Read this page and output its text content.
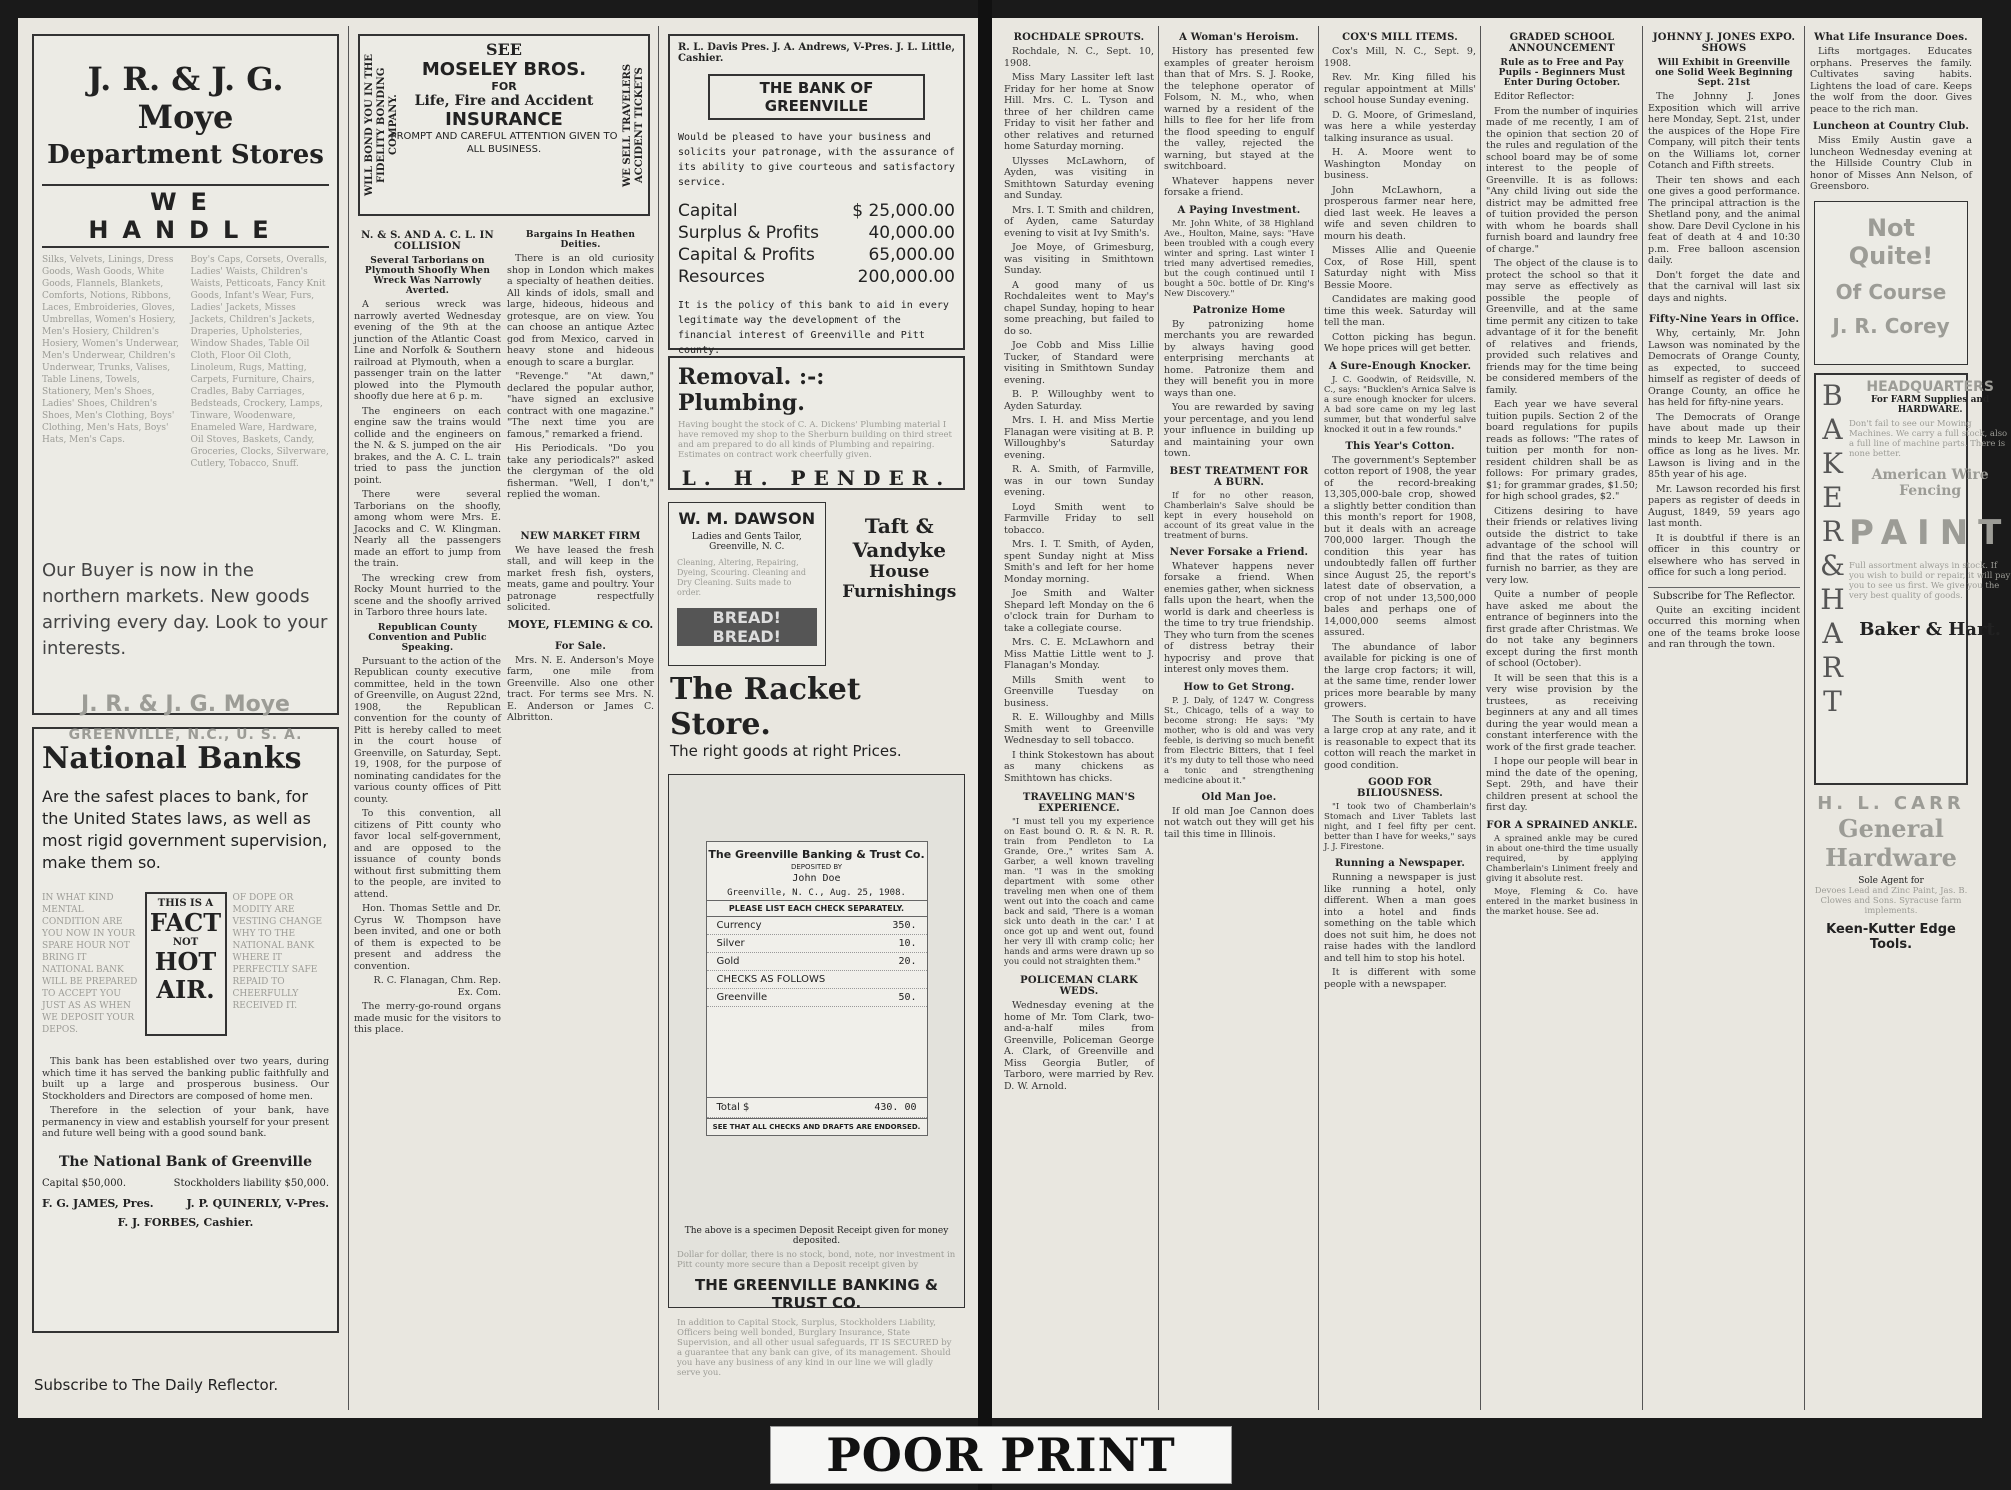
J. R. & J. G. Moye
Department Stores
WE HANDLE
Silks, Velvets, Linings, Dress Goods, Wash Goods, White Goods, Flannels, Blankets, Comforts, Notions, Ribbons, Laces, Embroideries, Gloves, Umbrellas, Women's Hosiery, Men's Hosiery, Children's Hosiery, Women's Underwear, Men's Underwear, Children's Underwear, Trunks, Valises, Table Linens, Towels, Stationery, Men's Shoes, Ladies' Shoes, Children's Shoes, Men's Clothing, Boys' Clothing, Men's Hats, Boys' Hats, Men's Caps.
Boy's Caps, Corsets, Overalls, Ladies' Waists, Children's Waists, Petticoats, Fancy Knit Goods, Infant's Wear, Furs, Ladies' Jackets, Misses Jackets, Children's Jackets, Draperies, Upholsteries, Window Shades, Table Oil Cloth, Floor Oil Cloth, Linoleum, Rugs, Matting, Carpets, Furniture, Chairs, Cradles, Baby Carriages, Bedsteads, Crockery, Lamps, Tinware, Woodenware, Enameled Ware, Hardware, Oil Stoves, Baskets, Candy, Groceries, Clocks, Silverware, Cutlery, Tobacco, Snuff.
Our Buyer is now in the northern markets. New goods arriving every day. Look to your interests.
J. R. & J. G. Moye
GREENVILLE, N.C., U. S. A.
National Banks
Are the safest places to bank, for the United States laws, as well as most rigid government supervision, make them so.
IN WHAT KIND MENTAL CONDITION ARE YOU NOW IN YOUR SPARE HOUR NOT BRING IT NATIONAL BANK WILL BE PREPARED TO ACCEPT YOU JUST AS AS WHEN WE DEPOSIT YOUR DEPOS.
THIS IS A
FACT
NOT
HOT
AIR.
OF DOPE OR MODITY ARE VESTING CHANGE WHY TO THE NATIONAL BANK WHERE IT PERFECTLY SAFE REPAID TO CHEERFULLY RECEIVED IT.

This bank has been established over two years, during which time it has served the banking public faithfully and built up a large and prosperous business. Our Stockholders and Directors are composed of home men.

Therefore in the selection of your bank, have permanency in view and establish yourself for your present and future well being with a good sound bank.

The National Bank of Greenville
Capital $50,000.	Stockholders liability $50,000.
F. G. JAMES, Pres.	J. P. QUINERLY, V-Pres.
F. J. FORBES, Cashier.
Subscribe to The Daily Reflector.
WILL BOND YOU IN THE FIDELITY BONDING COMPANY.
SEE
MOSELEY BROS.
FOR
Life, Fire and Accident
INSURANCE
PROMPT AND CAREFUL ATTENTION GIVEN TO ALL BUSINESS.	WE SELL TRAVELERS ACCIDENT TICKETS
N. & S. AND A. C. L. IN COLLISION
Several Tarborians on Plymouth Shoofly When Wreck Was Narrowly Averted.

A serious wreck was narrowly averted Wednesday evening of the 9th at the junction of the Atlantic Coast Line and Norfolk & Southern railroad at Plymouth, when a passenger train on the latter plowed into the Plymouth shoofly due here at 6 p. m.

The engineers on each engine saw the trains would collide and the engineers on the N. & S. jumped on the air brakes, and the A. C. L. train tried to pass the junction point.

There were several Tarborians on the shoofly, among whom were Mrs. E. Jacocks and C. W. Klingman. Nearly all the passengers made an effort to jump from the train.

The wrecking crew from Rocky Mount hurried to the scene and the shoofly arrived in Tarboro three hours late.

Republican County Convention and Public Speaking.

Pursuant to the action of the Republican county executive committee, held in the town of Greenville, on August 22nd, 1908, the Republican convention for the county of Pitt is hereby called to meet in the court house of Greenville, on Saturday, Sept. 19, 1908, for the purpose of nominating candidates for the various county offices of Pitt county.

To this convention, all citizens of Pitt county who favor local self-government, and are opposed to the issuance of county bonds without first submitting them to the people, are invited to attend.

Hon. Thomas Settle and Dr. Cyrus W. Thompson have been invited, and one or both of them is expected to be present and address the convention.

R. C. Flanagan, Chm. Rep. Ex. Com.

The merry-go-round organs made music for the visitors to this place.

Bargains In Heathen Deities.

There is an old curiosity shop in London which makes a specialty of heathen deities. All kinds of idols, small and large, hideous, hideous and grotesque, are on view. You can choose an antique Aztec god from Mexico, carved in heavy stone and hideous enough to scare a burglar.

"Revenge." "At dawn," declared the popular author, "have signed an exclusive contract with one magazine." "The next time you are famous," remarked a friend.

His Periodicals. "Do you take any periodicals?" asked the clergyman of the old fisherman. "Well, I don't," replied the woman.

NEW MARKET FIRM

We have leased the fresh stall, and will keep in the market fresh fish, oysters, meats, game and poultry. Your patronage respectfully solicited.

MOYE, FLEMING & CO.
For Sale.

Mrs. N. E. Anderson's Moye farm, one mile from Greenville. Also one other tract. For terms see Mrs. N. E. Anderson or James C. Albritton.

R. L. Davis Pres. J. A. Andrews, V-Pres. J. L. Little, Cashier.
THE BANK OF GREENVILLE
Would be pleased to have your business and solicits your patronage, with the assurance of its ability to give courteous and satisfactory service.
Capital	$ 25,000.00
Surplus & Profits	40,000.00
Capital & Profits	65,000.00
Resources	200,000.00
It is the policy of this bank to aid in every legitimate way the development of the financial interest of Greenville and Pitt county.
Removal. :-: Plumbing.
Having bought the stock of C. A. Dickens' Plumbing material I have removed my shop to the Sherburn building on third street and am prepared to do all kinds of Plumbing and repairing. Estimates on contract work cheerfully given.
L. H. PENDER.
W. M. DAWSON
Ladies and Gents Tailor, Greenville, N. C.
Cleaning, Altering, Repairing, Dyeing, Scouring. Cleaning and Dry Cleaning. Suits made to order.
BREAD! BREAD!
Taft & Vandyke
House Furnishings
The Racket Store.
The right goods at right Prices.
The Greenville Banking & Trust Co.
DEPOSITED BY
John Doe
Greenville, N. C., Aug. 25, 1908.
PLEASE LIST EACH CHECK SEPARATELY.
Currency	350.
Silver	10.
Gold	20.
CHECKS AS FOLLOWS
Greenville	50.
Total $	430. 00
SEE THAT ALL CHECKS AND DRAFTS ARE ENDORSED.
The above is a specimen Deposit Receipt given for money deposited.
Dollar for dollar, there is no stock, bond, note, nor investment in Pitt county more secure than a Deposit receipt given by
THE GREENVILLE BANKING & TRUST CO.
In addition to Capital Stock, Surplus, Stockholders Liability, Officers being well bonded, Burglary Insurance, State Supervision, and all other usual safeguards, IT IS SECURED by a guarantee that any bank can give, of its management. Should you have any business of any kind in our line we will gladly serve you.
ROCHDALE SPROUTS.

Rochdale, N. C., Sept. 10, 1908.

Miss Mary Lassiter left last Friday for her home at Snow Hill. Mrs. C. L. Tyson and three of her children came Friday to visit her father and other relatives and returned home Saturday morning.

Ulysses McLawhorn, of Ayden, was visiting in Smithtown Saturday evening and Sunday.

Mrs. I. T. Smith and children, of Ayden, came Saturday evening to visit at Ivy Smith's.

Joe Moye, of Grimesburg, was visiting in Smithtown Sunday.

A good many of us Rochdaleites went to May's chapel Sunday, hoping to hear some preaching, but failed to do so.

Joe Cobb and Miss Lillie Tucker, of Standard were visiting in Smithtown Sunday evening.

B. P. Willoughby went to Ayden Saturday.

Mrs. I. H. and Miss Mertie Flanagan were visiting at B. P. Willoughby's Saturday evening.

R. A. Smith, of Farmville, was in our town Sunday evening.

Loyd Smith went to Farmville Friday to sell tobacco.

Mrs. I. T. Smith, of Ayden, spent Sunday night at Miss Smith's and left for her home Monday morning.

Joe Smith and Walter Shepard left Monday on the 6 o'clock train for Durham to take a collegiate course.

Mrs. C. E. McLawhorn and Miss Mattie Little went to J. Flanagan's Monday.

Mills Smith went to Greenville Tuesday on business.

R. E. Willoughby and Mills Smith went to Greenville Wednesday to sell tobacco.

I think Stokestown has about as many chickens as Smithtown has chicks.

TRAVELING MAN'S EXPERIENCE.

"I must tell you my experience on East bound O. R. & N. R. R. train from Pendleton to La Grande, Ore.," writes Sam A. Garber, a well known traveling man. "I was in the smoking department with some other traveling men when one of them went out into the coach and came back and said, 'There is a woman sick unto death in the car.' I at once got up and went out, found her very ill with cramp colic; her hands and arms were drawn up so you could not straighten them."

POLICEMAN CLARK WEDS.

Wednesday evening at the home of Mr. Tom Clark, two-and-a-half miles from Greenville, Policeman George A. Clark, of Greenville and Miss Georgia Butler, of Tarboro, were married by Rev. D. W. Arnold.

A Woman's Heroism.

History has presented few examples of greater heroism than that of Mrs. S. J. Rooke, the telephone operator of Folsom, N. M., who, when warned by a resident of the hills to flee for her life from the flood speeding to engulf the valley, rejected the warning, but stayed at the switchboard.

Whatever happens never forsake a friend.

A Paying Investment.

Mr. John White, of 38 Highland Ave., Houlton, Maine, says: "Have been troubled with a cough every winter and spring. Last winter I tried many advertised remedies, but the cough continued until I bought a 50c. bottle of Dr. King's New Discovery."

Patronize Home

By patronizing home merchants you are rewarded by always having good enterprising merchants at home. Patronize them and they will benefit you in more ways than one.

You are rewarded by saving your percentage, and you lend your influence in building up and maintaining your own town.

BEST TREATMENT FOR A BURN.

If for no other reason, Chamberlain's Salve should be kept in every household on account of its great value in the treatment of burns.

Never Forsake a Friend.

Whatever happens never forsake a friend. When enemies gather, when sickness falls upon the heart, when the world is dark and cheerless is the time to try true friendship. They who turn from the scenes of distress betray their hypocrisy and prove that interest only moves them.

How to Get Strong.

P. J. Daly, of 1247 W. Congress St., Chicago, tells of a way to become strong: He says: "My mother, who is old and was very feeble, is deriving so much benefit from Electric Bitters, that I feel it's my duty to tell those who need a tonic and strengthening medicine about it."

Old Man Joe.

If old man Joe Cannon does not watch out they will get his tail this time in Illinois.

COX'S MILL ITEMS.

Cox's Mill, N. C., Sept. 9, 1908.

Rev. Mr. King filled his regular appointment at Mills' school house Sunday evening.

D. G. Moore, of Grimesland, was here a while yesterday talking insurance as usual.

H. A. Moore went to Washington Monday on business.

John McLawhorn, a prosperous farmer near here, died last week. He leaves a wife and seven children to mourn his death.

Misses Allie and Queenie Cox, of Rose Hill, spent Saturday night with Miss Bessie Moore.

Candidates are making good time this week. Saturday will tell the man.

Cotton picking has begun. We hope prices will get better.

A Sure-Enough Knocker.

J. C. Goodwin, of Reidsville, N. C., says: "Bucklen's Arnica Salve is a sure enough knocker for ulcers. A bad sore came on my leg last summer, but that wonderful salve knocked it out in a few rounds."

This Year's Cotton.

The government's September cotton report of 1908, the year of the record-breaking 13,305,000-bale crop, showed a slightly better condition than this month's report for 1908, but it deals with an acreage 700,000 larger. Though the condition this year has undoubtedly fallen off further since August 25, the report's latest date of observation, a crop of not under 13,500,000 bales and perhaps one of 14,000,000 seems almost assured.

The abundance of labor available for picking is one of the large crop factors; it will, at the same time, render lower prices more bearable by many growers.

The South is certain to have a large crop at any rate, and it is reasonable to expect that its cotton will reach the market in good condition.

GOOD FOR BILIOUSNESS.

"I took two of Chamberlain's Stomach and Liver Tablets last night, and I feel fifty per cent. better than I have for weeks," says J. J. Firestone.

Running a Newspaper.

Running a newspaper is just like running a hotel, only different. When a man goes into a hotel and finds something on the table which does not suit him, he does not raise hades with the landlord and tell him to stop his hotel.

It is different with some people with a newspaper.

GRADED SCHOOL ANNOUNCEMENT
Rule as to Free and Pay Pupils - Beginners Must Enter During October.

Editor Reflector:

From the number of inquiries made of me recently, I am of the opinion that section 20 of the rules and regulation of the school board may be of some interest to the people of Greenville. It is as follows: "Any child living out side the district may be admitted free of tuition provided the person with whom he boards shall furnish board and laundry free of charge."

The object of the clause is to protect the school so that it may serve as effectively as possible the people of Greenville, and at the same time permit any citizen to take advantage of it for the benefit of relatives and friends, provided such relatives and friends may for the time being be considered members of the family.

Each year we have several tuition pupils. Section 2 of the board regulations for pupils reads as follows: "The rates of tuition per month for non-resident children shall be as follows: For primary grades, $1; for grammar grades, $1.50; for high school grades, $2."

Citizens desiring to have their friends or relatives living outside the district to take advantage of the school will find that the rates of tuition furnish no barrier, as they are very low.

Quite a number of people have asked me about the entrance of beginners into the first grade after Christmas. We do not take any beginners except during the first month of school (October).

It will be seen that this is a very wise provision by the trustees, as receiving beginners at any and all times during the year would mean a constant interference with the work of the first grade teacher.

I hope our people will bear in mind the date of the opening, Sept. 29th, and have their children present at school the first day.

FOR A SPRAINED ANKLE.

A sprained ankle may be cured in about one-third the time usually required, by applying Chamberlain's Liniment freely and giving it absolute rest.

Moye, Fleming & Co. have entered in the market business in the market house. See ad.

JOHNNY J. JONES EXPO. SHOWS
Will Exhibit in Greenville one Solid Week Beginning Sept. 21st

The Johnny J. Jones Exposition which will arrive here Monday, Sept. 21st, under the auspices of the Hope Fire Company, will pitch their tents on the Williams lot, corner Cotanch and Fifth streets.

Their ten shows and each one gives a good performance. The principal attraction is the Shetland pony, and the animal show. Dare Devil Cyclone in his feat of death at 4 and 10:30 p.m. Free balloon ascension daily.

Don't forget the date and that the carnival will last six days and nights.

Fifty-Nine Years in Office.

Why, certainly, Mr. John Lawson was nominated by the Democrats of Orange County, as expected, to succeed himself as register of deeds of Orange County, an office he has held for fifty-nine years.

The Democrats of Orange have about made up their minds to keep Mr. Lawson in office as long as he lives. Mr. Lawson is living and in the 85th year of his age.

Mr. Lawson recorded his first papers as register of deeds in August, 1849, 59 years ago last month.

It is doubtful if there is an officer in this country or elsewhere who has served in office for such a long period.

Subscribe for The Reflector.

Quite an exciting incident occurred this morning when one of the teams broke loose and ran through the town.

What Life Insurance Does.

Lifts mortgages. Educates orphans. Preserves the family. Cultivates saving habits. Lightens the load of care. Keeps the wolf from the door. Gives peace to the rich man.

Luncheon at Country Club.

Miss Emily Austin gave a luncheon Wednesday evening at the Hillside Country Club in honor of Misses Ann Nelson, of Greensboro.

Not Quite!
Of Course
J. R. Corey
B
A
K
E
R
&
H
A
R
T
HEADQUARTERS
For FARM Supplies and HARDWARE.
Don't fail to see our Mowing Machines. We carry a full stock, also a full line of machine parts. There is none better.
American Wire Fencing
PAINT
Full assortment always in stock. If you wish to build or repair, it will pay you to see us first. We give you the very best quality of goods.
Baker & Hart.
H. L. CARR
General Hardware
Sole Agent for
Devoes Lead and Zinc Paint, Jas. B. Clowes and Sons. Syracuse farm implements.
Keen-Kutter Edge Tools.
POOR PRINT
